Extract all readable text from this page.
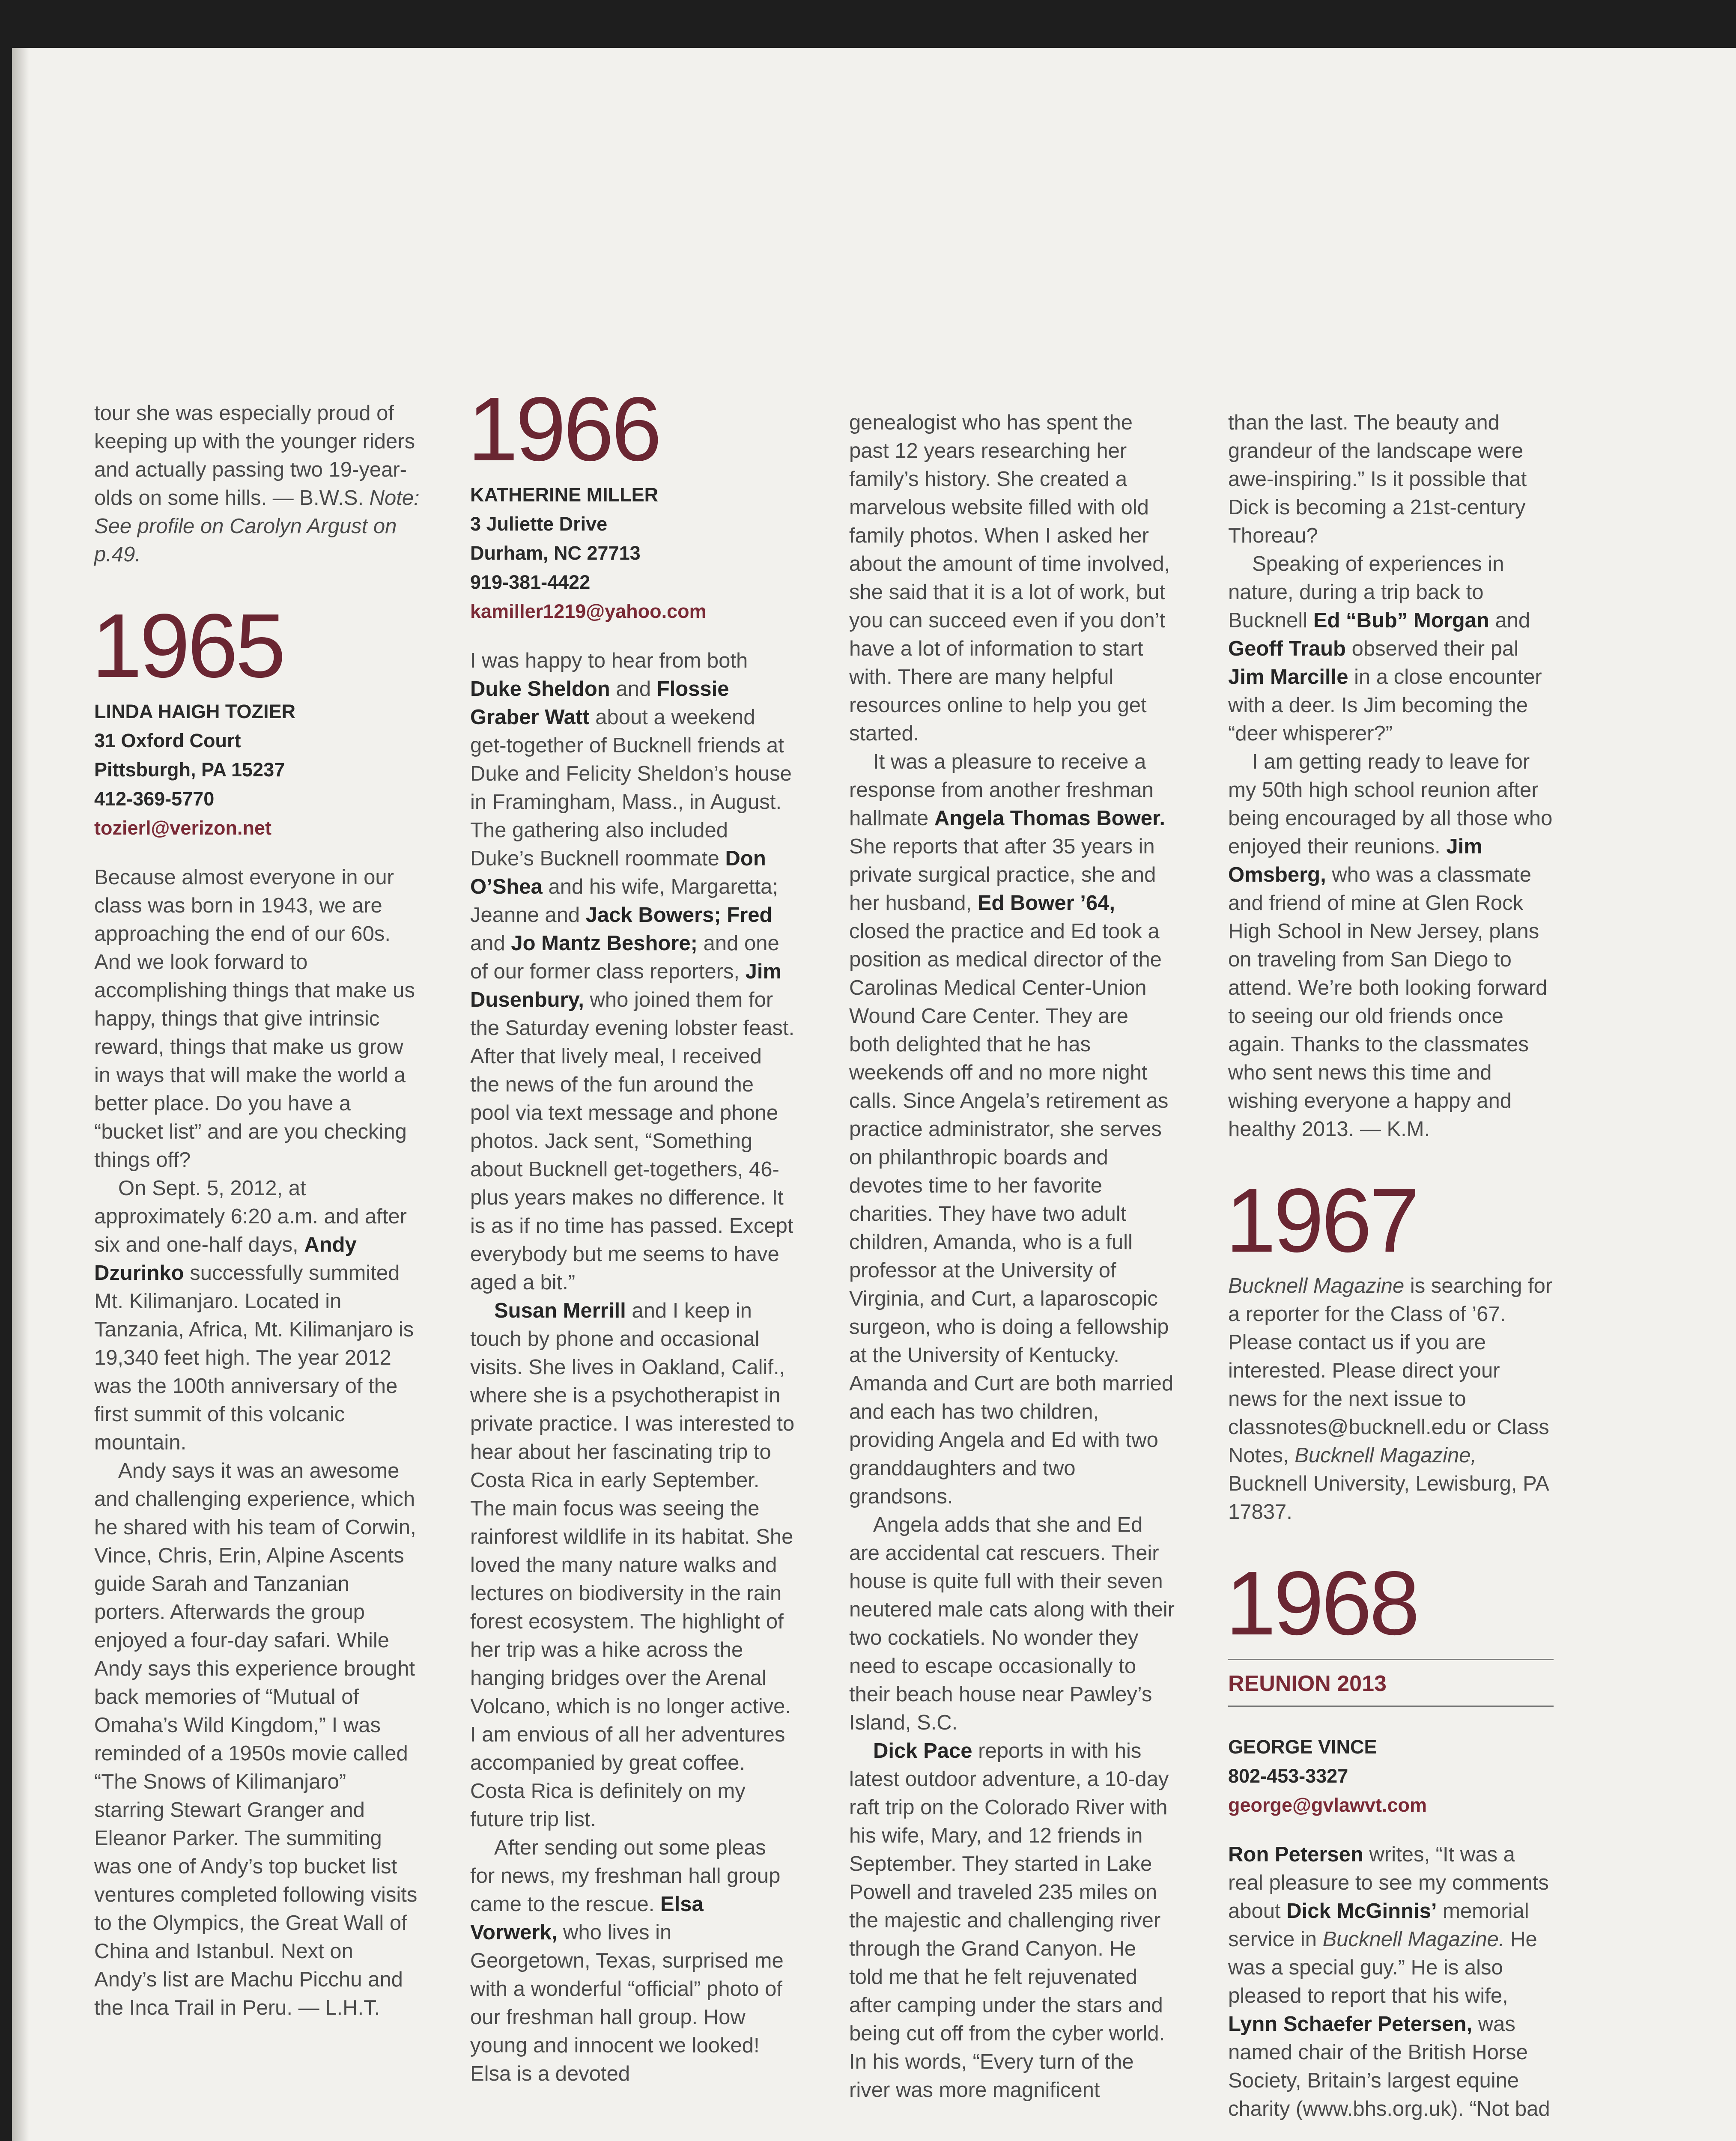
tour she was especially proud of keeping up with the younger riders and actually passing two 19-year-olds on some hills. — B.W.S. Note: See profile on Carolyn Argust on p.49.

1965
LINDA HAIGH TOZIER
31 Oxford Court
Pittsburgh, PA 15237
412-369-5770
tozierl@verizon.net

Because almost everyone in our class was born in 1943, we are approaching the end of our 60s. And we look forward to accomplishing things that make us happy, things that give intrinsic reward, things that make us grow in ways that will make the world a better place. Do you have a “bucket list” and are you checking things off?

On Sept. 5, 2012, at approximately 6:20 a.m. and after six and one-half days, Andy Dzurinko successfully summited Mt. Kilimanjaro. Located in Tanzania, Africa, Mt. Kilimanjaro is 19,340 feet high. The year 2012 was the 100th anniversary of the first summit of this volcanic mountain.

Andy says it was an awesome and challenging experience, which he shared with his team of Corwin, Vince, Chris, Erin, Alpine Ascents guide Sarah and Tanzanian porters. Afterwards the group enjoyed a four-day safari. While Andy says this experience brought back memories of “Mutual of Omaha’s Wild Kingdom,” I was reminded of a 1950s movie called “The Snows of Kilimanjaro” starring Stewart Granger and Eleanor Parker. The summiting was one of Andy’s top bucket list ventures completed following visits to the Olympics, the Great Wall of China and Istanbul. Next on Andy’s list are Machu Picchu and the Inca Trail in Peru. — L.H.T.

1966
KATHERINE MILLER
3 Juliette Drive
Durham, NC 27713
919-381-4422
kamiller1219@yahoo.com

I was happy to hear from both Duke Sheldon and Flossie Graber Watt about a weekend get-together of Bucknell friends at Duke and Felicity Sheldon’s house in Framingham, Mass., in August. The gathering also included Duke’s Bucknell roommate Don O’Shea and his wife, Margaretta; Jeanne and Jack Bowers; Fred and Jo Mantz Beshore; and one of our former class reporters, Jim Dusenbury, who joined them for the Saturday evening lobster feast. After that lively meal, I received the news of the fun around the pool via text message and phone photos. Jack sent, “Something about Bucknell get-togethers, 46-plus years makes no difference. It is as if no time has passed. Except everybody but me seems to have aged a bit.”

Susan Merrill and I keep in touch by phone and occasional visits. She lives in Oakland, Calif., where she is a psychotherapist in private practice. I was interested to hear about her fascinating trip to Costa Rica in early September. The main focus was seeing the rainforest wildlife in its habitat. She loved the many nature walks and lectures on biodiversity in the rain forest ecosystem. The highlight of her trip was a hike across the hanging bridges over the Arenal Volcano, which is no longer active. I am envious of all her adventures accompanied by great coffee. Costa Rica is definitely on my future trip list.

After sending out some pleas for news, my freshman hall group came to the rescue. Elsa Vorwerk, who lives in Georgetown, Texas, surprised me with a wonderful “official” photo of our freshman hall group. How young and innocent we looked! Elsa is a devoted

genealogist who has spent the past 12 years researching her family’s history. She created a marvelous website filled with old family photos. When I asked her about the amount of time involved, she said that it is a lot of work, but you can succeed even if you don’t have a lot of information to start with. There are many helpful resources online to help you get started.

It was a pleasure to receive a response from another freshman hallmate Angela Thomas Bower. She reports that after 35 years in private surgical practice, she and her husband, Ed Bower ’64, closed the practice and Ed took a position as medical director of the Carolinas Medical Center-Union Wound Care Center. They are both delighted that he has weekends off and no more night calls. Since Angela’s retirement as practice administrator, she serves on philanthropic boards and devotes time to her favorite charities. They have two adult children, Amanda, who is a full professor at the University of Virginia, and Curt, a laparoscopic surgeon, who is doing a fellowship at the University of Kentucky. Amanda and Curt are both married and each has two children, providing Angela and Ed with two granddaughters and two grandsons.

Angela adds that she and Ed are accidental cat rescuers. Their house is quite full with their seven neutered male cats along with their two cockatiels. No wonder they need to escape occasionally to their beach house near Pawley’s Island, S.C.

Dick Pace reports in with his latest outdoor adventure, a 10-day raft trip on the Colorado River with his wife, Mary, and 12 friends in September. They started in Lake Powell and traveled 235 miles on the majestic and challenging river through the Grand Canyon. He told me that he felt rejuvenated after camping under the stars and being cut off from the cyber world. In his words, “Every turn of the river was more magnificent

than the last. The beauty and grandeur of the landscape were awe-inspiring.” Is it possible that Dick is becoming a 21st-century Thoreau?

Speaking of experiences in nature, during a trip back to Bucknell Ed “Bub” Morgan and Geoff Traub observed their pal Jim Marcille in a close encounter with a deer. Is Jim becoming the “deer whisperer?”

I am getting ready to leave for my 50th high school reunion after being encouraged by all those who enjoyed their reunions. Jim Omsberg, who was a classmate and friend of mine at Glen Rock High School in New Jersey, plans on traveling from San Diego to attend. We’re both looking forward to seeing our old friends once again. Thanks to the classmates who sent news this time and wishing everyone a happy and healthy 2013. — K.M.

1967

Bucknell Magazine is searching for a reporter for the Class of ’67. Please contact us if you are interested. Please direct your news for the next issue to classnotes@bucknell.edu or Class Notes, Bucknell Magazine, Bucknell University, Lewisburg, PA 17837.

1968
REUNION 2013
GEORGE VINCE
802-453-3327
george@gvlawvt.com

Ron Petersen writes, “It was a real pleasure to see my comments about Dick McGinnis’ memorial service in Bucknell Magazine. He was a special guy.” He is also pleased to report that his wife, Lynn Schaefer Petersen, was named chair of the British Horse Society, Britain’s largest equine charity (www.bhs.org.uk). “Not bad
